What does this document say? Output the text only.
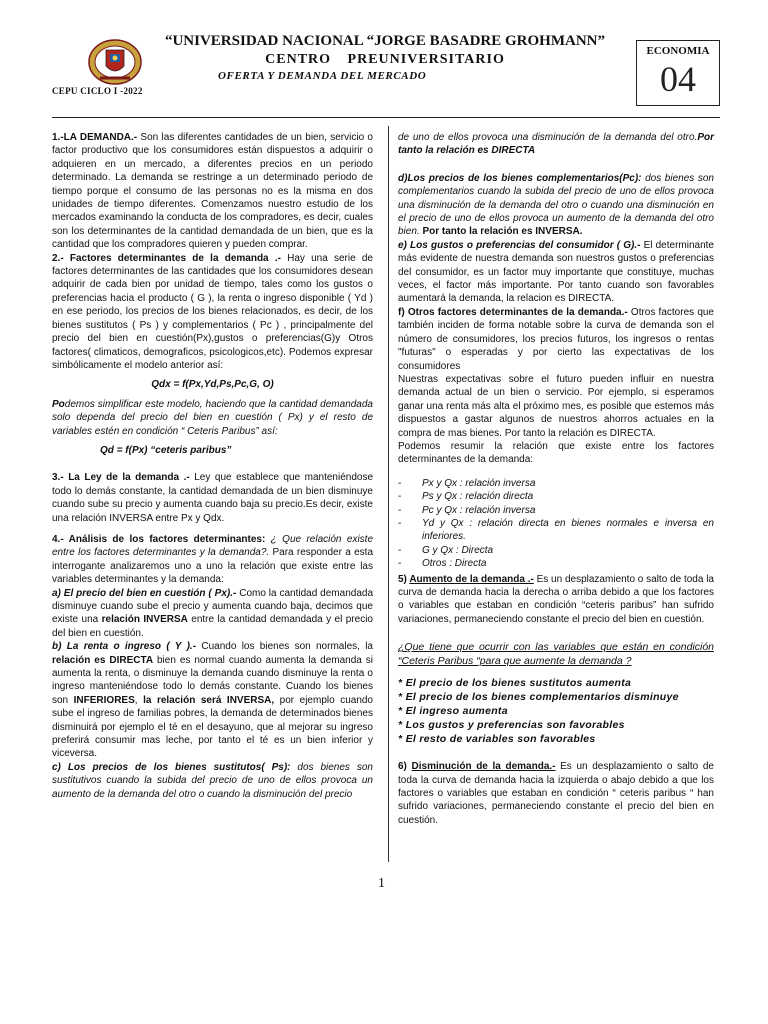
CEPU CICLO I -2022
“UNIVERSIDAD NACIONAL “JORGE BASADRE GROHMANN”
CENTRO PREUNIVERSITARIO
OFERTA Y DEMANDA DEL MERCADO
ECONOMIA
04

1.-LA DEMANDA.- Son las diferentes cantidades de un bien, servicio o factor productivo que los consumidores están dispuestos a adquirir o adquieren en un mercado, a diferentes precios en un periodo determinado. La demanda se restringe a un determinado periodo de tiempo porque el consumo de las personas no es la misma en dos unidades de tiempo diferentes. Comenzamos nuestro estudio de los mercados examinando la conducta de los compradores, es decir, cuales son los determinantes de la cantidad demandada de un bien, que es la cantidad que los compradores quieren y pueden comprar.

2.- Factores determinantes de la demanda .- Hay una serie de factores determinantes de las cantidades que los consumidores desean adquirir de cada bien por unidad de tiempo, tales como los gustos o preferencias hacia el producto ( G ), la renta o ingreso disponible ( Yd ) en ese periodo, los precios de los bienes relacionados, es decir, de los bienes sustitutos ( Ps ) y complementarios ( Pc ) , principalmente del precio del bien en cuestión(Px),gustos o preferencias(G)y Otros factores( climaticos, demograficos, psicologicos,etc). Podemos expresar simbólicamente el modelo anterior así:

Qdx = f(Px,Yd,Ps,Pc,G, O)

Podemos simplificar este modelo, haciendo que la cantidad demandada solo dependa del precio del bien en cuestión ( Px) y el resto de variables estén en condición “ Ceteris Paribus” así:

Qd = f(Px) “ceteris paribus”

3.- La Ley de la demanda .- Ley que establece que manteniéndose todo lo demás constante, la cantidad demandada de un bien disminuye cuando sube su precio y aumenta cuando baja su precio.Es decir, existe una relación INVERSA entre Px y Qdx.

4.- Análisis de los factores determinantes: ¿ Que relación existe entre los factores determinantes y la demanda?. Para responder a esta interrogante analizaremos uno a uno la relación que existe entre las variables determinantes y la demanda:

a) El precio del bien en cuestión ( Px).- Como la cantidad demandada disminuye cuando sube el precio y aumenta cuando baja, decimos que existe una relación INVERSA entre la cantidad demandada y el precio del bien en cuestión.

b) La renta o ingreso ( Y ).- Cuando los bienes son normales, la relación es DIRECTA bien es normal cuando aumenta la demanda si aumenta la renta, o disminuye la demanda cuando disminuye la renta o ingreso manteniéndose todo lo demás constante. Cuando los bienes son INFERIORES, la relación será INVERSA, por ejemplo cuando sube el ingreso de familias pobres, la demanda de determinados bienes disminuirá por ejemplo el té en el desayuno, que al mejorar su ingreso preferirá consumir mas leche, por tanto el té es un bien inferior y viceversa.

c) Los precios de los bienes sustitutos( Ps): dos bienes son sustitutivos cuando la subida del precio de uno de ellos provoca un aumento de la demanda del otro o cuando la disminución del precio

de uno de ellos provoca una disminución de la demanda del otro.Por tanto la relación es DIRECTA

d)Los precios de los bienes complementarios(Pc): dos bienes son complementarios cuando la subida del precio de uno de ellos provoca una disminución de la demanda del otro o cuando una disminución en el precio de uno de ellos provoca un aumento de la demanda del otro bien. Por tanto la relación es INVERSA.

e) Los gustos o preferencias del consumidor ( G).- El determinante más evidente de nuestra demanda son nuestros gustos o preferencias del consumidor, es un factor muy importante que constituye, muchas veces, el factor más importante. Por tanto cuando son favorables aumentará la demanda, la relacion es DIRECTA.

f) Otros factores determinantes de la demanda.- Otros factores que también inciden de forma notable sobre la curva de demanda son el número de consumidores, los precios futuros, los ingresos o rentas "futuras" o esperadas y por cierto las expectativas de los consumidores

Nuestras expectativas sobre el futuro pueden influir en nuestra demanda actual de un bien o servicio. Por ejemplo, si esperamos ganar una renta más alta el próximo mes, es posible que estemos más dispuestos a gastar algunos de nuestros ahorros actuales en la compra de mas bienes. Por tanto la relación es DIRECTA.

Podemos resumir la relación que existe entre los factores determinantes de la demanda:

- Px y Qx : relación inversa
- Ps y Qx : relación directa
- Pc y Qx : relación inversa
- Yd y Qx : relación directa en bienes normales e inversa en inferiores.
- G y Qx : Directa
- Otros : Directa

5) Aumento de la demanda .- Es un desplazamiento o salto de toda la curva de demanda hacia la derecha o arriba debido a que los factores o variables que estaban en condición “ceteris paribus” han sufrido variaciones, permaneciendo constante el precio del bien en cuestión.

¿Que tiene que ocurrir con las variables que están en condición “Ceteris Paribus “para que aumente la demanda ?

* El precio de los bienes sustitutos aumenta

* El precio de los bienes complementarios disminuye

* El ingreso aumenta

* Los gustos y preferencias son favorables

* El resto de variables son favorables

6) Disminución de la demanda.- Es un desplazamiento o salto de toda la curva de demanda hacia la izquierda o abajo debido a que los factores o variables que estaban en condición “ ceteris paribus “ han sufrido variaciones, permaneciendo constante el precio del bien en cuestión.

1
